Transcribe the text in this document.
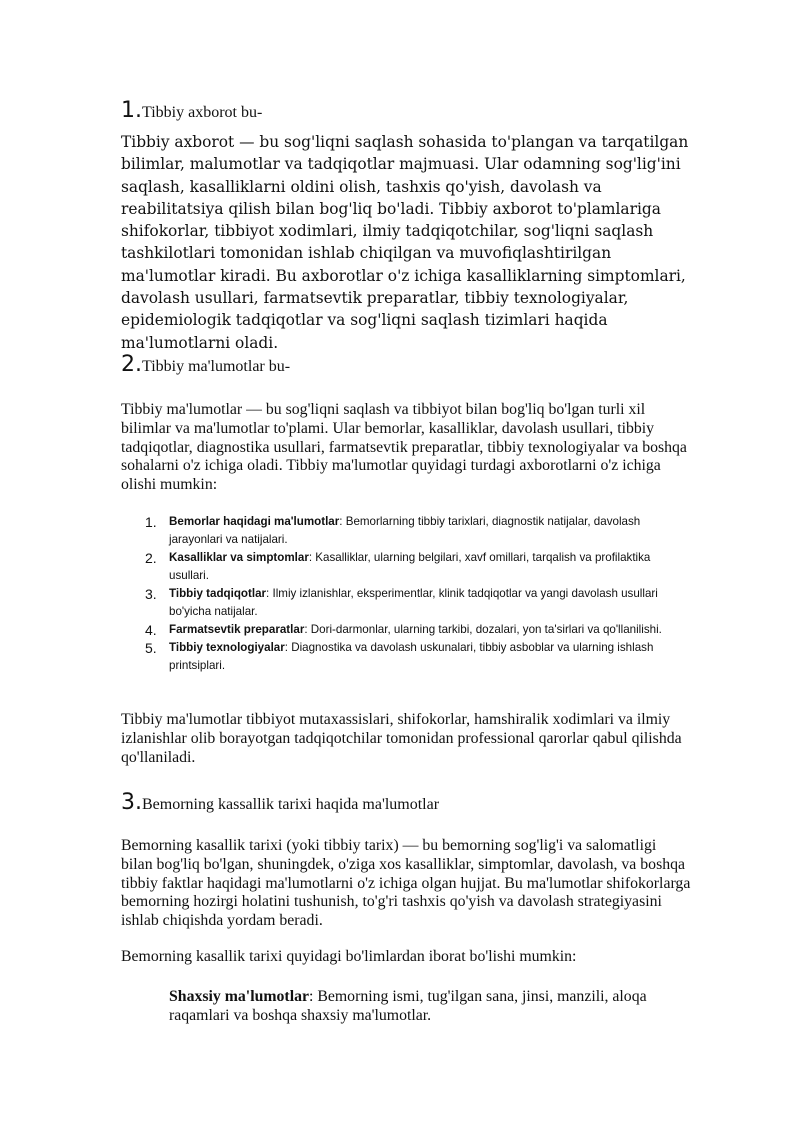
1.Tibbiy axborot bu-

Tibbiy axborot — bu sog'liqni saqlash sohasida to'plangan va tarqatilgan bilimlar, malumotlar va tadqiqotlar majmuasi. Ular odamning sog'lig'ini saqlash, kasalliklarni oldini olish, tashxis qo'yish, davolash va reabilitatsiya qilish bilan bog'liq bo'ladi. Tibbiy axborot to'plamlariga shifokorlar, tibbiyot xodimlari, ilmiy tadqiqotchilar, sog'liqni saqlash tashkilotlari tomonidan ishlab chiqilgan va muvofiqlashtirilgan ma'lumotlar kiradi. Bu axborotlar o'z ichiga kasalliklarning simptomlari, davolash usullari, farmatsevtik preparatlar, tibbiy texnologiyalar, epidemiologik tadqiqotlar va sog'liqni saqlash tizimlari haqida ma'lumotlarni oladi.

2.Tibbiy ma'lumotlar bu-

Tibbiy ma'lumotlar — bu sog'liqni saqlash va tibbiyot bilan bog'liq bo'lgan turli xil bilimlar va ma'lumotlar to'plami. Ular bemorlar, kasalliklar, davolash usullari, tibbiy tadqiqotlar, diagnostika usullari, farmatsevtik preparatlar, tibbiy texnologiyalar va boshqa sohalarni o'z ichiga oladi. Tibbiy ma'lumotlar quyidagi turdagi axborotlarni o'z ichiga olishi mumkin:

1. Bemorlar haqidagi ma'lumotlar: Bemorlarning tibbiy tarixlari, diagnostik natijalar, davolash jarayonlari va natijalari.
2. Kasalliklar va simptomlar: Kasalliklar, ularning belgilari, xavf omillari, tarqalish va profilaktika usullari.
3. Tibbiy tadqiqotlar: Ilmiy izlanishlar, eksperimentlar, klinik tadqiqotlar va yangi davolash usullari bo'yicha natijalar.
4. Farmatsevtik preparatlar: Dori-darmonlar, ularning tarkibi, dozalari, yon ta'sirlari va qo'llanilishi.
5. Tibbiy texnologiyalar: Diagnostika va davolash uskunalari, tibbiy asboblar va ularning ishlash printsiplari.

Tibbiy ma'lumotlar tibbiyot mutaxassislari, shifokorlar, hamshiralik xodimlari va ilmiy izlanishlar olib borayotgan tadqiqotchilar tomonidan professional qarorlar qabul qilishda qo'llaniladi.

3.Bemorning kassallik tarixi haqida ma'lumotlar

Bemorning kasallik tarixi (yoki tibbiy tarix) — bu bemorning sog'lig'i va salomatligi bilan bog'liq bo'lgan, shuningdek, o'ziga xos kasalliklar, simptomlar, davolash, va boshqa tibbiy faktlar haqidagi ma'lumotlarni o'z ichiga olgan hujjat. Bu ma'lumotlar shifokorlarga bemorning hozirgi holatini tushunish, to'g'ri tashxis qo'yish va davolash strategiyasini ishlab chiqishda yordam beradi.

Bemorning kasallik tarixi quyidagi bo'limlardan iborat bo'lishi mumkin:

Shaxsiy ma'lumotlar: Bemorning ismi, tug'ilgan sana, jinsi, manzili, aloqa raqamlari va boshqa shaxsiy ma'lumotlar.
